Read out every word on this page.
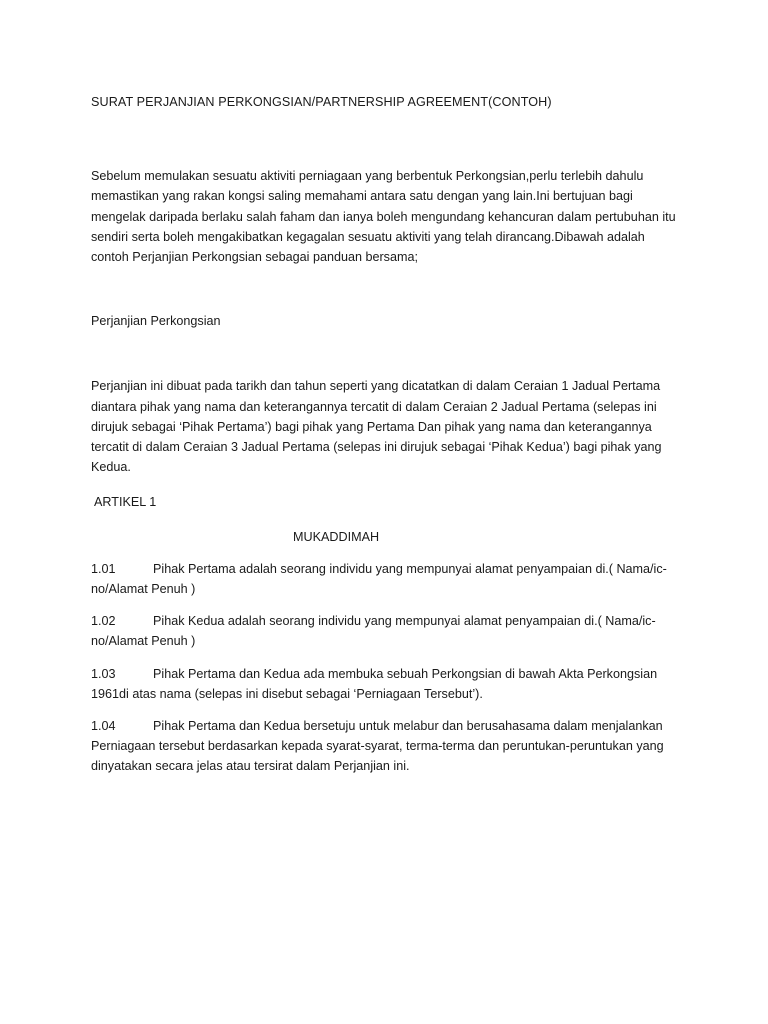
SURAT PERJANJIAN PERKONGSIAN/PARTNERSHIP AGREEMENT(CONTOH)

Sebelum memulakan sesuatu aktiviti perniagaan yang berbentuk Perkongsian,perlu terlebih dahulu memastikan yang rakan kongsi saling memahami antara satu dengan yang lain.Ini bertujuan bagi mengelak daripada berlaku salah faham dan ianya boleh mengundang kehancuran dalam pertubuhan itu sendiri serta boleh mengakibatkan kegagalan sesuatu aktiviti yang telah dirancang.Dibawah adalah contoh Perjanjian Perkongsian sebagai panduan bersama;

Perjanjian Perkongsian

Perjanjian ini dibuat pada tarikh dan tahun seperti yang dicatatkan di dalam Ceraian 1 Jadual Pertama diantara pihak yang nama dan keterangannya tercatit di dalam Ceraian 2 Jadual Pertama (selepas ini dirujuk sebagai ‘Pihak Pertama’) bagi pihak yang Pertama Dan pihak yang nama dan keterangannya tercatit di dalam Ceraian 3 Jadual Pertama (selepas ini dirujuk sebagai ‘Pihak Kedua’) bagi pihak yang Kedua.

ARTIKEL 1

MUKADDIMAH

1.01	Pihak Pertama adalah seorang individu yang mempunyai alamat penyampaian di.( Nama/ic-no/Alamat Penuh )
1.02	Pihak Kedua adalah seorang individu yang mempunyai alamat penyampaian di.( Nama/ic-no/Alamat Penuh )
1.03	Pihak Pertama dan Kedua ada membuka sebuah Perkongsian di bawah Akta Perkongsian 1961di atas nama (selepas ini disebut sebagai ‘Perniagaan Tersebut’).
1.04	Pihak Pertama dan Kedua bersetuju untuk melabur dan berusahasama dalam menjalankan Perniagaan tersebut berdasarkan kepada syarat-syarat, terma-terma dan peruntukan-peruntukan yang dinyatakan secara jelas atau tersirat dalam Perjanjian ini.
